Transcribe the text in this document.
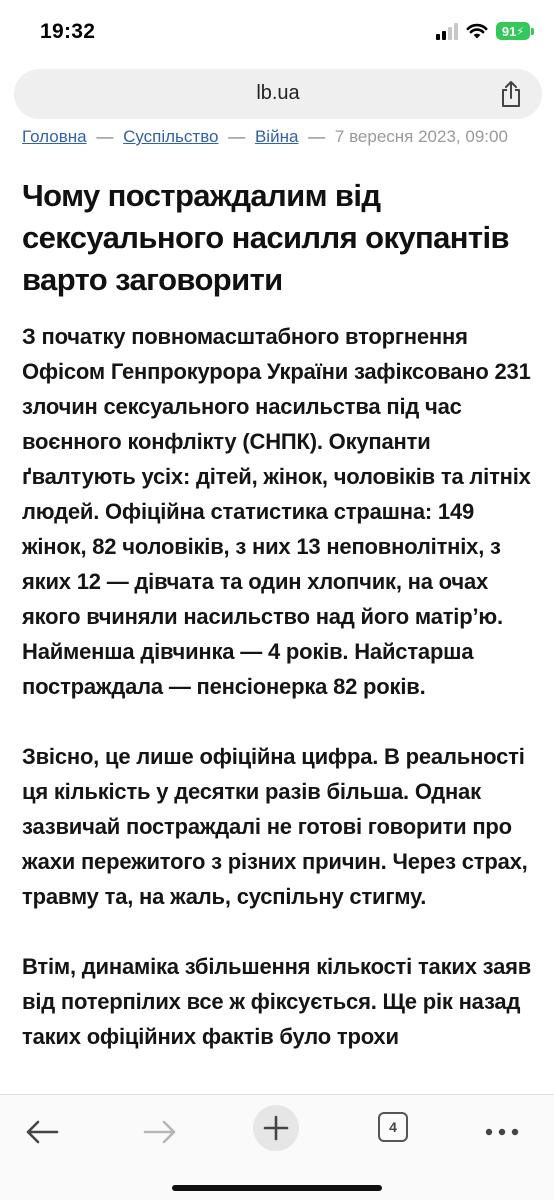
19:32	91 ⚡
lb.ua
Головна — Суспільство — Війна — 7 вересня 2023, 09:00
Чому постраждалим від сексуального насилля окупантів варто заговорити

З початку повномасштабного вторгнення Офісом Генпрокурора України зафіксовано 231 злочин сексуального насильства під час воєнного конфлікту (СНПК). Окупанти ґвалтують усіх: дітей, жінок, чоловіків та літніх людей. Офіційна статистика страшна: 149 жінок, 82 чоловіків, з них 13 неповнолітніх, з яких 12 — дівчата та один хлопчик, на очах якого вчиняли насильство над його матір’ю. Найменша дівчинка — 4 років. Найстарша постраждала — пенсіонерка 82 років.

Звісно, це лише офіційна цифра. В реальності ця кількість у десятки разів більша. Однак зазвичай постраждалі не готові говорити про жахи пережитого з різних причин. Через страх, травму та, на жаль, суспільну стигму.

Втім, динаміка збільшення кількості таких заяв від потерпілих все ж фіксується. Ще рік назад таких офіційних фактів було трохи

4
